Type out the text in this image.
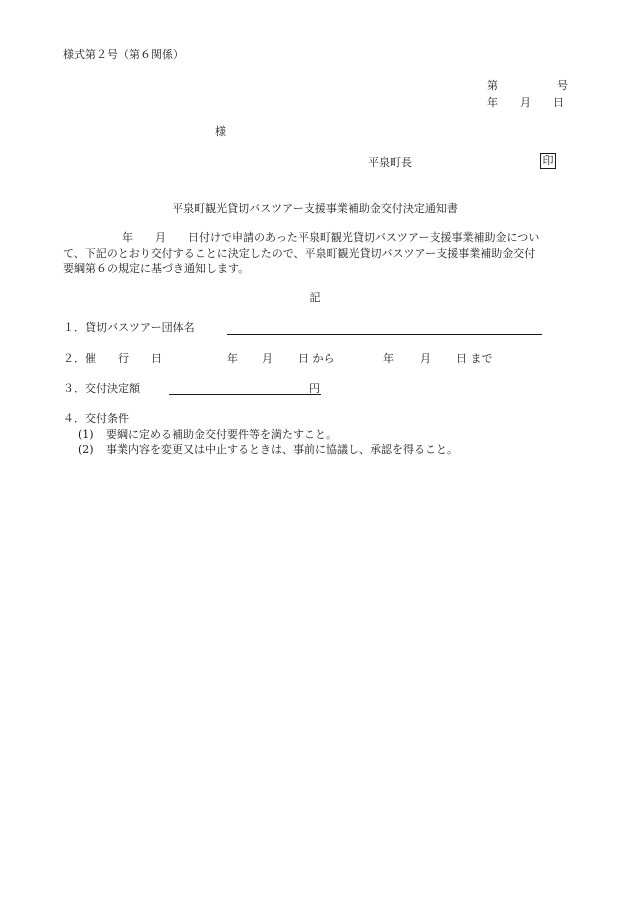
様式第２号（第６関係）
第	号
年 月 日
様
平泉町長	印
平泉町観光貸切バスツアー支援事業補助金交付決定通知書
年 月 日付けで申請のあった平泉町観光貸切バスツアー支援事業補助金につい
て、下記のとおり交付することに決定したので、平泉町観光貸切バスツアー支援事業補助金交付
要綱第６の規定に基づき通知します。
記
１．貸切バスツアー団体名
２．催　　行　　日	年 月 日 から	年 月 日 まで
３．交付決定額	円
４．交付条件
(1) 要綱に定める補助金交付要件等を満たすこと。
(2) 事業内容を変更又は中止するときは、事前に協議し、承認を得ること。
